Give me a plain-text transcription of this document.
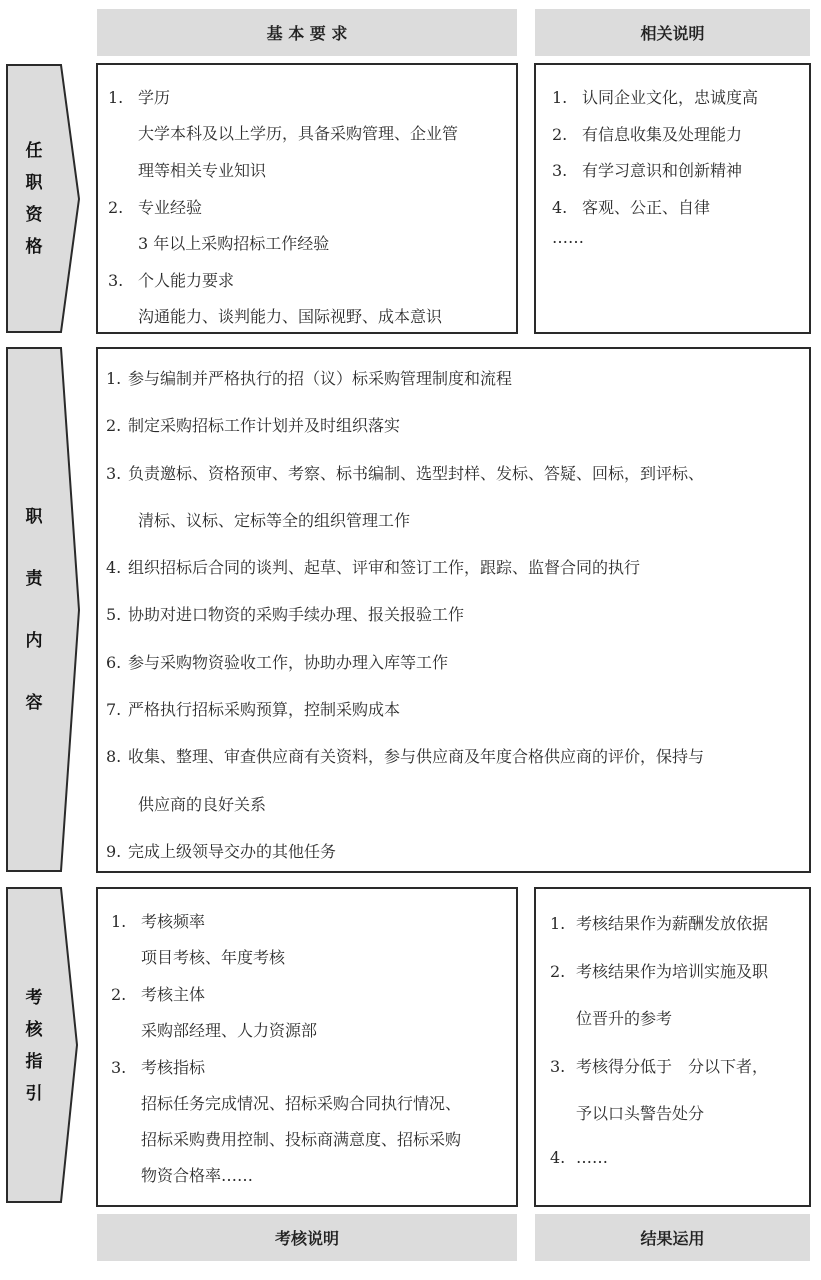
基 本 要 求	相关说明
任
职
资
格
1. 学历
大学本科及以上学历，具备采购管理、企业管
理等相关专业知识
2. 专业经验
3 年以上采购招标工作经验
3. 个人能力要求
沟通能力、谈判能力、国际视野、成本意识
1. 认同企业文化，忠诚度高
2. 有信息收集及处理能力
3. 有学习意识和创新精神
4. 客观、公正、自律
……
职
责
内
容
1. 参与编制并严格执行的招（议）标采购管理制度和流程
2. 制定采购招标工作计划并及时组织落实
3. 负责邀标、资格预审、考察、标书编制、选型封样、发标、答疑、回标，到评标、
清标、议标、定标等全的组织管理工作
4. 组织招标后合同的谈判、起草、评审和签订工作，跟踪、监督合同的执行
5. 协助对进口物资的采购手续办理、报关报验工作
6. 参与采购物资验收工作，协助办理入库等工作
7. 严格执行招标采购预算，控制采购成本
8. 收集、整理、审查供应商有关资料，参与供应商及年度合格供应商的评价，保持与
供应商的良好关系
9. 完成上级领导交办的其他任务
考
核
指
引
1. 考核频率
项目考核、年度考核
2. 考核主体
采购部经理、人力资源部
3. 考核指标
招标任务完成情况、招标采购合同执行情况、
招标采购费用控制、投标商满意度、招标采购
物资合格率……
1. 考核结果作为薪酬发放依据
2. 考核结果作为培训实施及职
位晋升的参考
3. 考核得分低于　分以下者，
予以口头警告处分
4. ……
考核说明	结果运用
